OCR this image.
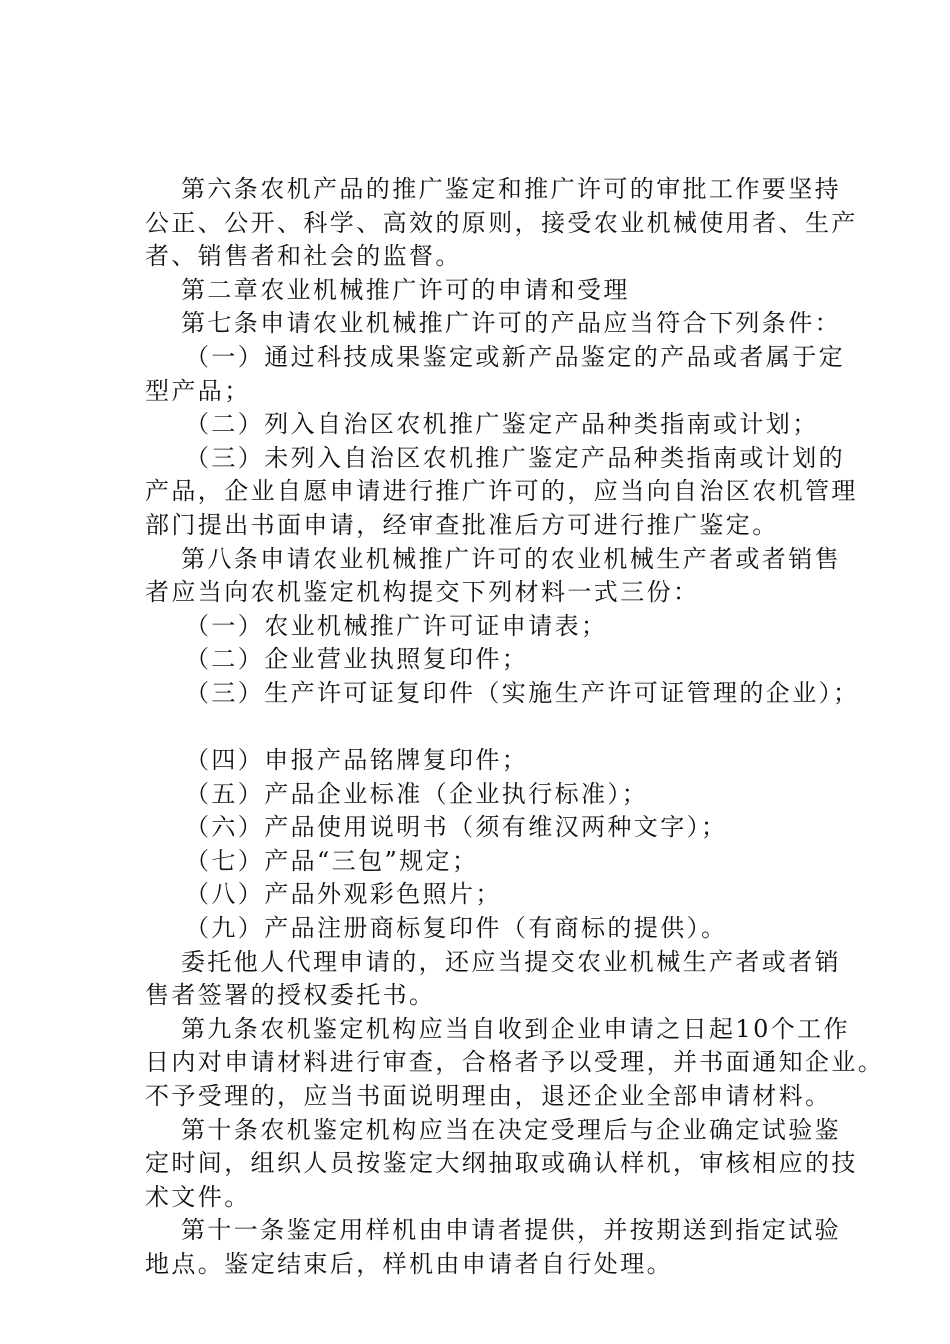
第六条农机产品的推广鉴定和推广许可的审批工作要坚持
公正、公开、科学、高效的原则，接受农业机械使用者、生产
者、销售者和社会的监督。
第二章农业机械推广许可的申请和受理
第七条申请农业机械推广许可的产品应当符合下列条件：
（一）通过科技成果鉴定或新产品鉴定的产品或者属于定
型产品；
（二）列入自治区农机推广鉴定产品种类指南或计划；
（三）未列入自治区农机推广鉴定产品种类指南或计划的
产品，企业自愿申请进行推广许可的，应当向自治区农机管理
部门提出书面申请，经审查批准后方可进行推广鉴定。
第八条申请农业机械推广许可的农业机械生产者或者销售
者应当向农机鉴定机构提交下列材料一式三份：
（一）农业机械推广许可证申请表；
（二）企业营业执照复印件；
（三）生产许可证复印件（实施生产许可证管理的企业）；
（四）申报产品铭牌复印件；
（五）产品企业标准（企业执行标准）；
（六）产品使用说明书（须有维汉两种文字）；
（七）产品“三包”规定；
（八）产品外观彩色照片；
（九）产品注册商标复印件（有商标的提供）。
委托他人代理申请的，还应当提交农业机械生产者或者销
售者签署的授权委托书。
第九条农机鉴定机构应当自收到企业申请之日起10个工作
日内对申请材料进行审查，合格者予以受理，并书面通知企业。
不予受理的，应当书面说明理由，退还企业全部申请材料。
第十条农机鉴定机构应当在决定受理后与企业确定试验鉴
定时间，组织人员按鉴定大纲抽取或确认样机，审核相应的技
术文件。
第十一条鉴定用样机由申请者提供，并按期送到指定试验
地点。鉴定结束后，样机由申请者自行处理。
